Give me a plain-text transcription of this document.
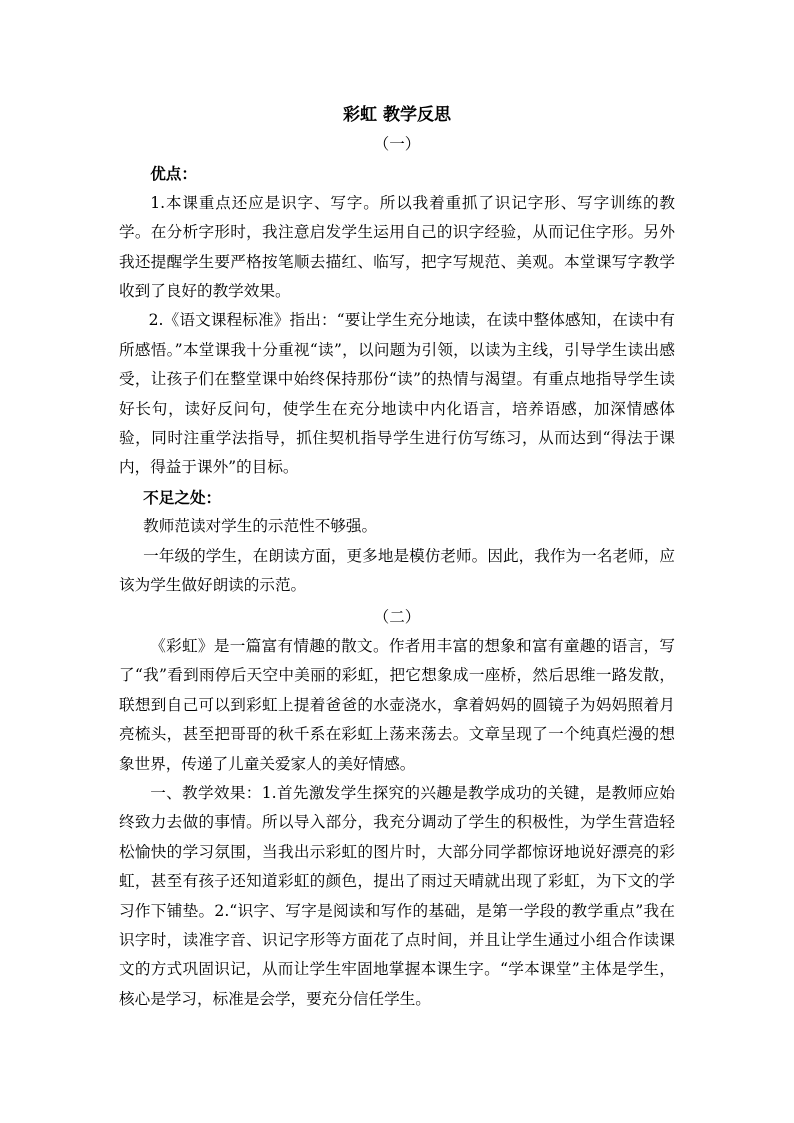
彩虹 教学反思

（一）

优点：

1.本课重点还应是识字、写字。所以我着重抓了识记字形、写字训练的教学。在分析字形时，我注意启发学生运用自己的识字经验，从而记住字形。另外我还提醒学生要严格按笔顺去描红、临写，把字写规范、美观。本堂课写字教学收到了良好的教学效果。

2.《语文课程标准》指出：“要让学生充分地读，在读中整体感知，在读中有所感悟。”本堂课我十分重视“读”，以问题为引领，以读为主线，引导学生读出感受，让孩子们在整堂课中始终保持那份“读”的热情与渴望。有重点地指导学生读好长句，读好反问句，使学生在充分地读中内化语言，培养语感，加深情感体验，同时注重学法指导，抓住契机指导学生进行仿写练习，从而达到“得法于课内，得益于课外”的目标。

不足之处：

教师范读对学生的示范性不够强。

一年级的学生，在朗读方面，更多地是模仿老师。因此，我作为一名老师，应该为学生做好朗读的示范。

（二）

《彩虹》是一篇富有情趣的散文。作者用丰富的想象和富有童趣的语言，写了“我”看到雨停后天空中美丽的彩虹，把它想象成一座桥，然后思维一路发散，联想到自己可以到彩虹上提着爸爸的水壶浇水，拿着妈妈的圆镜子为妈妈照着月亮梳头，甚至把哥哥的秋千系在彩虹上荡来荡去。文章呈现了一个纯真烂漫的想象世界，传递了儿童关爱家人的美好情感。

一、教学效果：1.首先激发学生探究的兴趣是教学成功的关键，是教师应始终致力去做的事情。所以导入部分，我充分调动了学生的积极性，为学生营造轻松愉快的学习氛围，当我出示彩虹的图片时，大部分同学都惊讶地说好漂亮的彩虹，甚至有孩子还知道彩虹的颜色，提出了雨过天晴就出现了彩虹，为下文的学习作下铺垫。2.“识字、写字是阅读和写作的基础，是第一学段的教学重点”我在识字时，读准字音、识记字形等方面花了点时间，并且让学生通过小组合作读课文的方式巩固识记，从而让学生牢固地掌握本课生字。“学本课堂”主体是学生，核心是学习，标准是会学，要充分信任学生。
